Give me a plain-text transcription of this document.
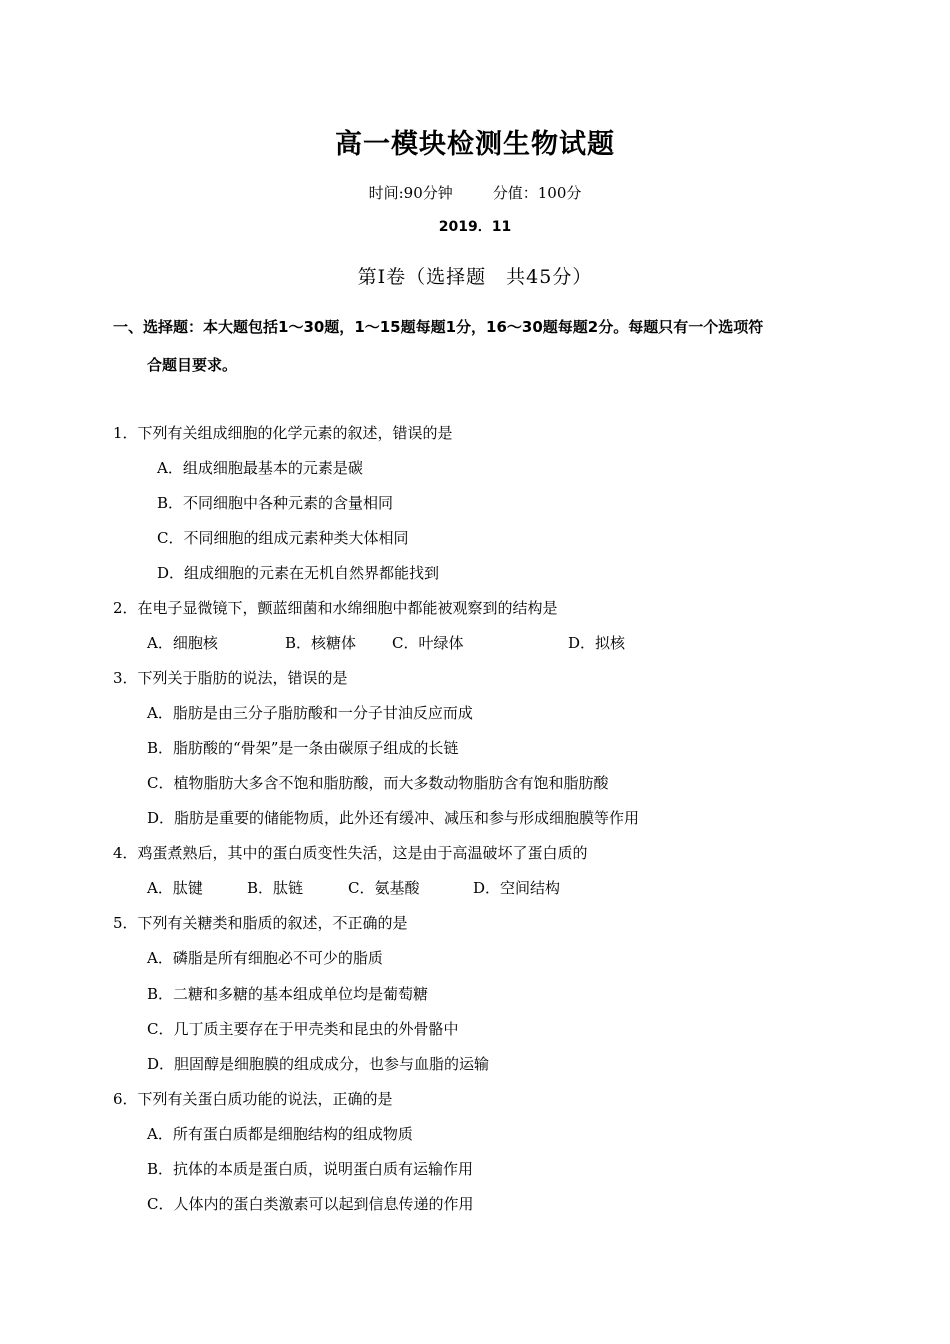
高一模块检测生物试题
时间:90分钟	分值：100分
2019．11
第Ⅰ卷（选择题　共45分）
一、选择题：本大题包括1～30题，1～15题每题1分，16～30题每题2分。每题只有一个选项符
合题目要求。
1．下列有关组成细胞的化学元素的叙述，错误的是
A．组成细胞最基本的元素是碳
B．不同细胞中各种元素的含量相同
C．不同细胞的组成元素种类大体相同
D．组成细胞的元素在无机自然界都能找到
2．在电子显微镜下，颤蓝细菌和水绵细胞中都能被观察到的结构是
A．细胞核	B．核糖体 C．叶绿体	D．拟核
3．下列关于脂肪的说法，错误的是
A．脂肪是由三分子脂肪酸和一分子甘油反应而成
B．脂肪酸的“骨架”是一条由碳原子组成的长链
C．植物脂肪大多含不饱和脂肪酸，而大多数动物脂肪含有饱和脂肪酸
D．脂肪是重要的储能物质，此外还有缓冲、减压和参与形成细胞膜等作用
4．鸡蛋煮熟后，其中的蛋白质变性失活，这是由于高温破坏了蛋白质的
A．肽键	B．肽链	C．氨基酸	D．空间结构
5．下列有关糖类和脂质的叙述，不正确的是
A．磷脂是所有细胞必不可少的脂质
B．二糖和多糖的基本组成单位均是葡萄糖
C．几丁质主要存在于甲壳类和昆虫的外骨骼中
D．胆固醇是细胞膜的组成成分，也参与血脂的运输
6．下列有关蛋白质功能的说法，正确的是
A．所有蛋白质都是细胞结构的组成物质
B．抗体的本质是蛋白质，说明蛋白质有运输作用
C．人体内的蛋白类激素可以起到信息传递的作用
